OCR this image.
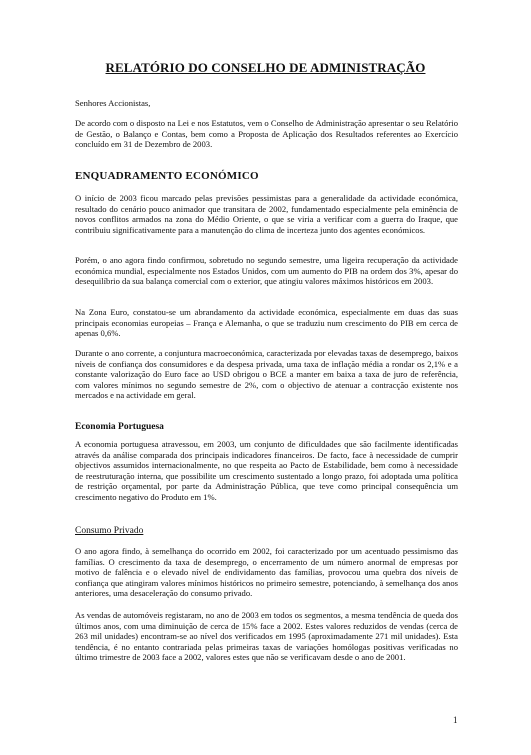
RELATÓRIO DO CONSELHO DE ADMINISTRAÇÃO

Senhores Accionistas,

De acordo com o disposto na Lei e nos Estatutos, vem o Conselho de Administração apresentar o seu Relatório de Gestão, o Balanço e Contas, bem como a Proposta de Aplicação dos Resultados referentes ao Exercício concluído em 31 de Dezembro de 2003.

ENQUADRAMENTO ECONÓMICO

O início de 2003 ficou marcado pelas previsões pessimistas para a generalidade da actividade económica, resultado do cenário pouco animador que transitara de 2002, fundamentado especialmente pela eminência de novos conflitos armados na zona do Médio Oriente, o que se viria a verificar com a guerra do Iraque, que contribuiu significativamente para a manutenção do clima de incerteza junto dos agentes económicos.

Porém, o ano agora findo confirmou, sobretudo no segundo semestre, uma ligeira recuperação da actividade económica mundial, especialmente nos Estados Unidos, com um aumento do PIB na ordem dos 3%, apesar do desequilíbrio da sua balança comercial com o exterior, que atingiu valores máximos históricos em 2003.

Na Zona Euro, constatou-se um abrandamento da actividade económica, especialmente em duas das suas principais economias europeias – França e Alemanha, o que se traduziu num crescimento do PIB em cerca de apenas 0,6%.

Durante o ano corrente, a conjuntura macroeconómica, caracterizada por elevadas taxas de desemprego, baixos níveis de confiança dos consumidores e da despesa privada, uma taxa de inflação média a rondar os 2,1% e a constante valorização do Euro face ao USD obrigou o BCE a manter em baixa a taxa de juro de referência, com valores mínimos no segundo semestre de 2%, com o objectivo de atenuar a contracção existente nos mercados e na actividade em geral.

Economia Portuguesa

A economia portuguesa atravessou, em 2003, um conjunto de dificuldades que são facilmente identificadas através da análise comparada dos principais indicadores financeiros. De facto, face à necessidade de cumprir objectivos assumidos internacionalmente, no que respeita ao Pacto de Estabilidade, bem como à necessidade de reestruturação interna, que possibilite um crescimento sustentado a longo prazo, foi adoptada uma política de restrição orçamental, por parte da Administração Pública, que teve como principal consequência um crescimento negativo do Produto em 1%.

Consumo Privado

O ano agora findo, à semelhança do ocorrido em 2002, foi caracterizado por um acentuado pessimismo das famílias. O crescimento da taxa de desemprego, o encerramento de um número anormal de empresas por motivo de falência e o elevado nível de endividamento das famílias, provocou uma quebra dos níveis de confiança que atingiram valores mínimos históricos no primeiro semestre, potenciando, à semelhança dos anos anteriores, uma desaceleração do consumo privado.

As vendas de automóveis registaram, no ano de 2003 em todos os segmentos, a mesma tendência de queda dos últimos anos, com uma diminuição de cerca de 15% face a 2002. Estes valores reduzidos de vendas (cerca de 263 mil unidades) encontram-se ao nível dos verificados em 1995 (aproximadamente 271 mil unidades). Esta tendência, é no entanto contrariada pelas primeiras taxas de variações homólogas positivas verificadas no último trimestre de 2003 face a 2002, valores estes que não se verificavam desde o ano de 2001.

1
